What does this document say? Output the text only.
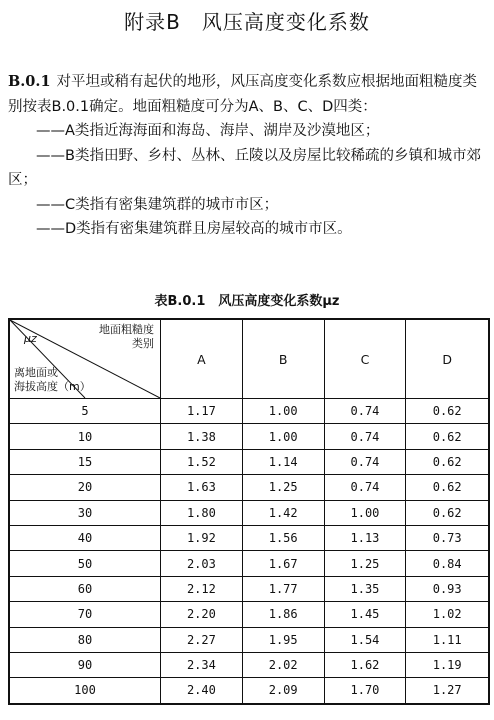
附录B　风压高度变化系数

B.0.1 对平坦或稍有起伏的地形，风压高度变化系数应根据地面粗糙度类别按表B.0.1确定。地面粗糙度可分为A、B、C、D四类：

——A类指近海海面和海岛、海岸、湖岸及沙漠地区；

——B类指田野、乡村、丛林、丘陵以及房屋比较稀疏的乡镇和城市郊区；

——C类指有密集建筑群的城市市区；

——D类指有密集建筑群且房屋较高的城市市区。

表B.0.1　风压高度变化系数μz
地面粗糙度
类别
μz
离地面或
海拔高度（m）	A	B	C	D
5	1.17	1.00	0.74	0.62
10	1.38	1.00	0.74	0.62
15	1.52	1.14	0.74	0.62
20	1.63	1.25	0.74	0.62
30	1.80	1.42	1.00	0.62
40	1.92	1.56	1.13	0.73
50	2.03	1.67	1.25	0.84
60	2.12	1.77	1.35	0.93
70	2.20	1.86	1.45	1.02
80	2.27	1.95	1.54	1.11
90	2.34	2.02	1.62	1.19
100	2.40	2.09	1.70	1.27
